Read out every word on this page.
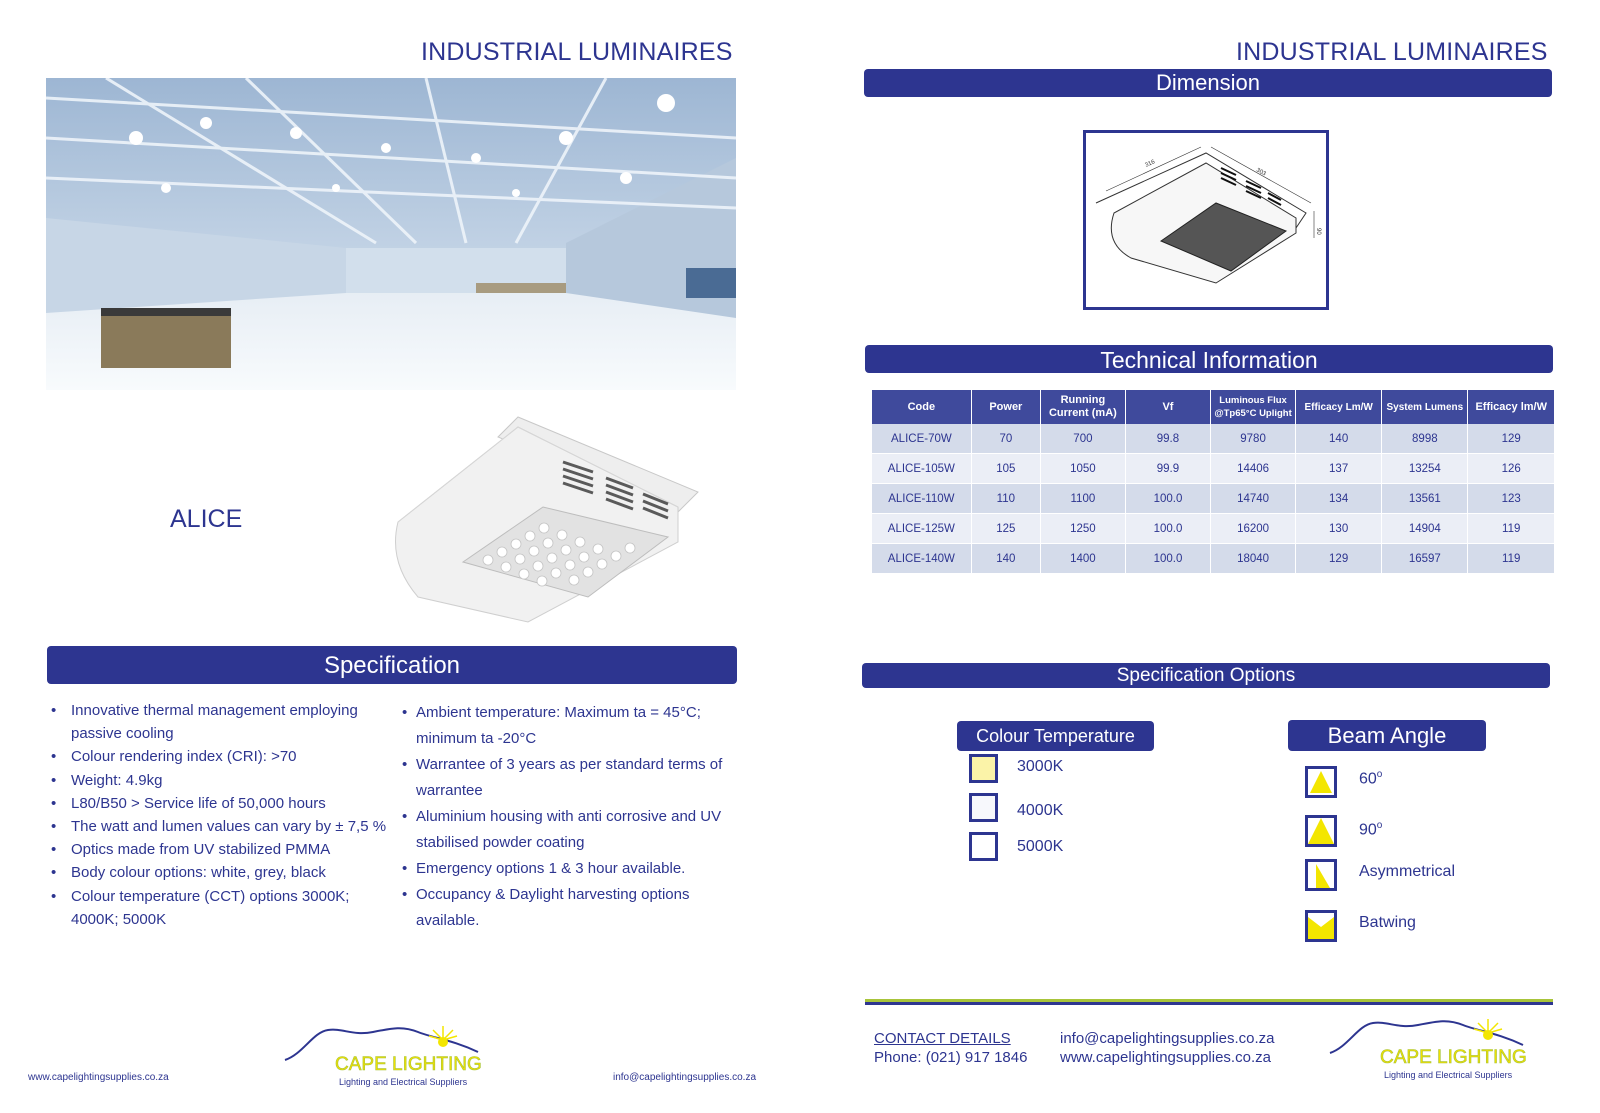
INDUSTRIAL LUMINAIRES
ALICE
Specification
• Innovative thermal management employing passive cooling
• Colour rendering index (CRI): >70
• Weight: 4.9kg
• L80/B50 > Service life of 50,000 hours
• The watt and lumen values can vary by ± 7,5 %
• Optics made from UV stabilized PMMA
• Body colour options: white, grey, black
• Colour temperature (CCT) options 3000K; 4000K; 5000K
• Ambient temperature: Maximum ta = 45°C; minimum ta -20°C
• Warrantee of 3 years as per standard terms of warrantee
• Aluminium housing with anti corrosive and UV stabilised powder coating
• Emergency options 1 & 3 hour available.
• Occupancy & Daylight harvesting options available.
www.capelightingsupplies.co.za	info@capelightingsupplies.co.za
CAPE LIGHTING
Lighting and Electrical Suppliers
INDUSTRIAL LUMINAIRES
Dimension
316
303
90
Technical Information
Code	Power	Running Current (mA)	Vf	Luminous Flux @Tp65°C Uplight	Efficacy Lm/W	System Lumens	Efficacy lm/W
ALICE-70W	70	700	99.8	9780	140	8998	129
ALICE-105W	105	1050	99.9	14406	137	13254	126
ALICE-110W	110	1100	100.0	14740	134	13561	123
ALICE-125W	125	1250	100.0	16200	130	14904	119
ALICE-140W	140	1400	100.0	18040	129	16597	119
Specification Options
Colour Temperature
3000K
4000K
5000K
Beam Angle
60$^o$
90$^o$
Asymmetrical
Batwing
CONTACT DETAILS
Phone: (021) 917 1846
info@capelightingsupplies.co.za
www.capelightingsupplies.co.za	CAPE LIGHTING
Lighting and Electrical Suppliers
